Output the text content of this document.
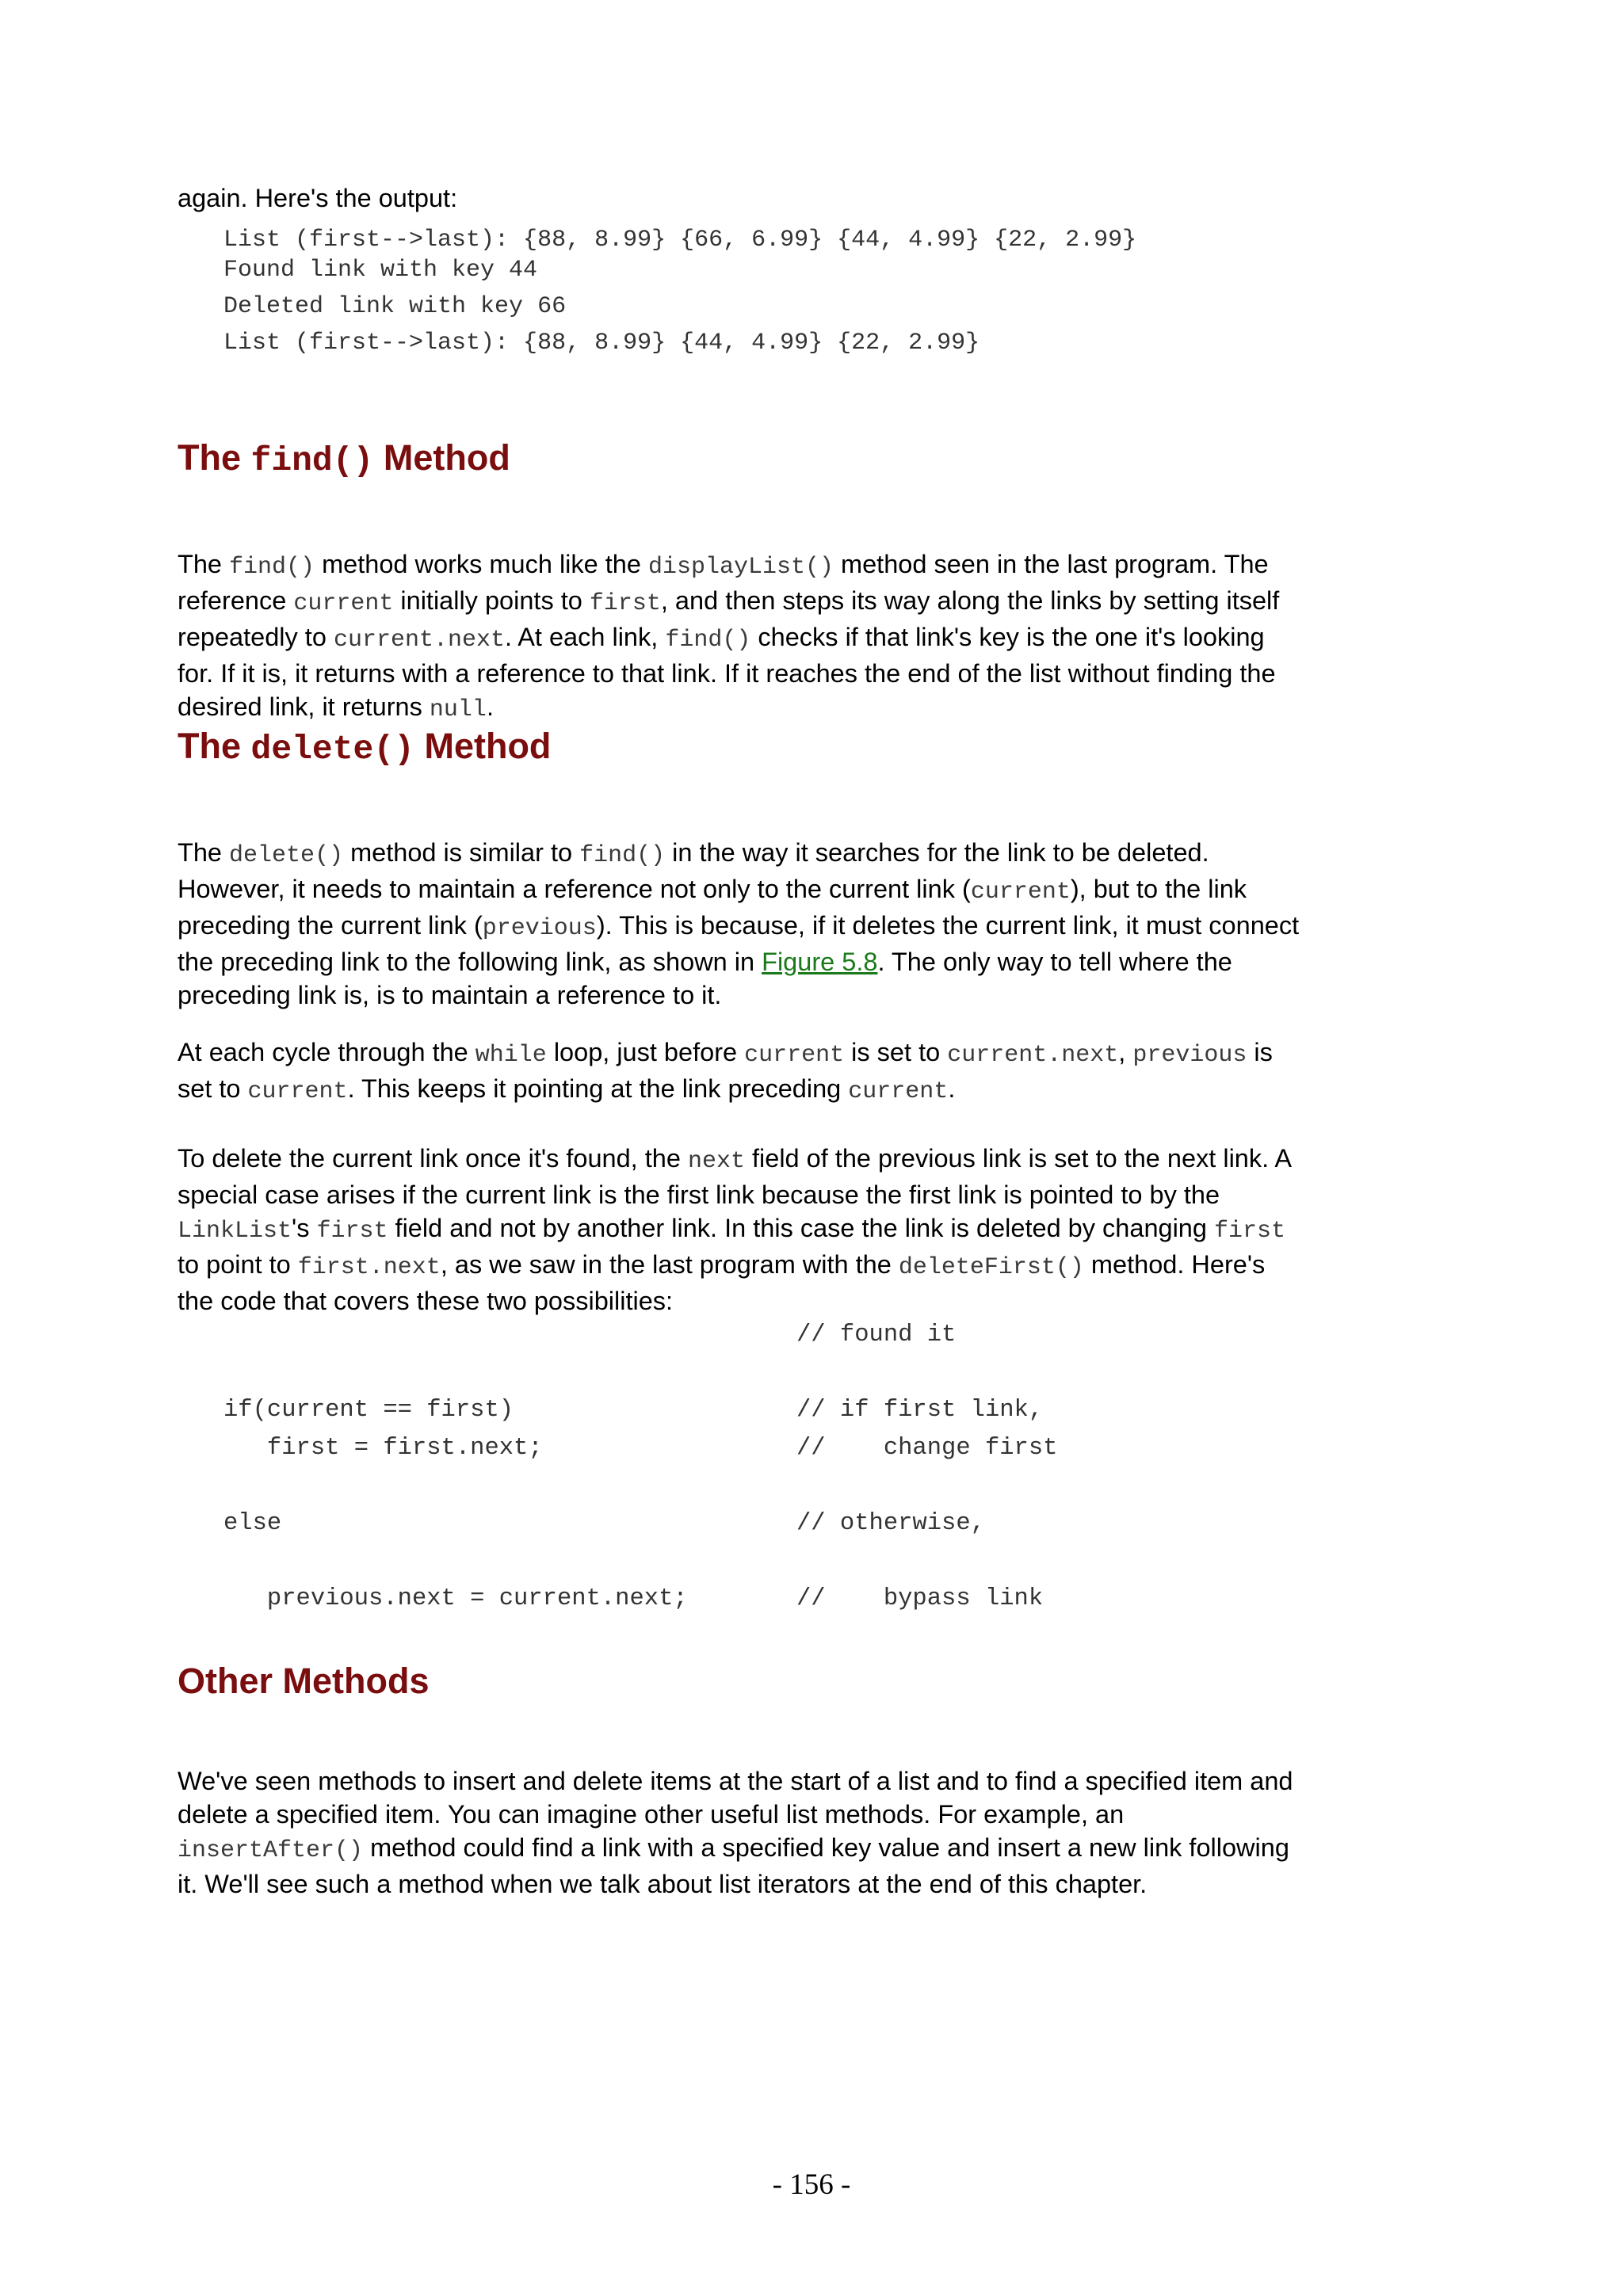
again. Here's the output:

List (first-->last): {88, 8.99} {66, 6.99} {44, 4.99} {22, 2.99}
Found link with key 44
Deleted link with key 66
List (first-->last): {88, 8.99} {44, 4.99} {22, 2.99}
The find() Method

The find() method works much like the displayList() method seen in the last program. The reference current initially points to first, and then steps its way along the links by setting itself repeatedly to current.next. At each link, find() checks if that link's key is the one it's looking for. If it is, it returns with a reference to that link. If it reaches the end of the list without finding the desired link, it returns null.

The delete() Method

The delete() method is similar to find() in the way it searches for the link to be deleted. However, it needs to maintain a reference not only to the current link (current), but to the link preceding the current link (previous). This is because, if it deletes the current link, it must connect the preceding link to the following link, as shown in Figure 5.8. The only way to tell where the preceding link is, is to maintain a reference to it.

At each cycle through the while loop, just before current is set to current.next, previous is set to current. This keeps it pointing at the link preceding current.

To delete the current link once it's found, the next field of the previous link is set to the next link. A special case arises if the current link is the first link because the first link is pointed to by the LinkList's first field and not by another link. In this case the link is deleted by changing first to point to first.next, as we saw in the last program with the deleteFirst() method. Here's the code that covers these two possibilities:

// found it
if(current == first)	// if first link,
first = first.next;	//    change first
else	// otherwise,
previous.next = current.next;	//    bypass link
Other Methods

We've seen methods to insert and delete items at the start of a list and to find a specified item and delete a specified item. You can imagine other useful list methods. For example, an insertAfter() method could find a link with a specified key value and insert a new link following it. We'll see such a method when we talk about list iterators at the end of this chapter.

- 156 -
